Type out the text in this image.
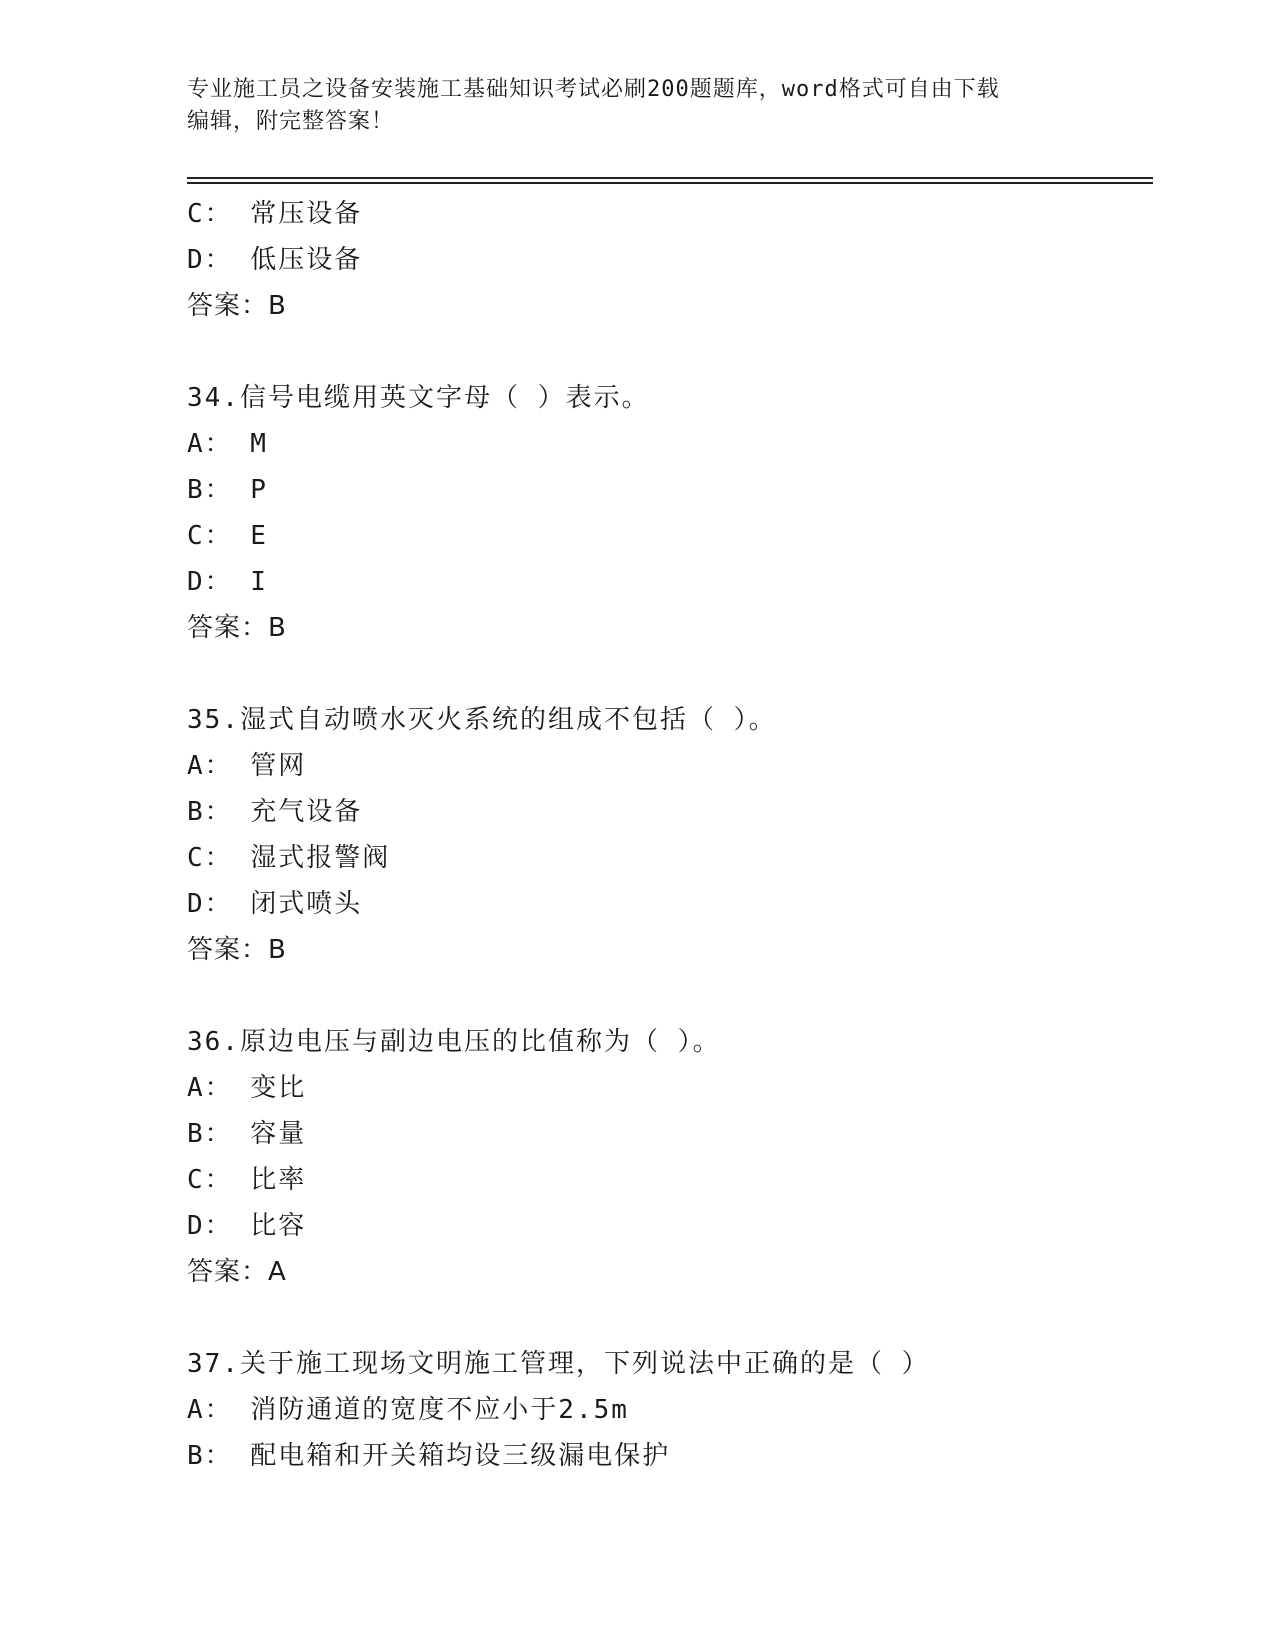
专业施工员之设备安装施工基础知识考试必刷200题题库，word格式可自由下载
编辑，附完整答案！
C： 常压设备
D： 低压设备
答案：B
34.信号电缆用英文字母（ ）表示。
A： M
B： P
C： E
D： I
答案：B
35.湿式自动喷水灭火系统的组成不包括（ ）。
A： 管网
B： 充气设备
C： 湿式报警阀
D： 闭式喷头
答案：B
36.原边电压与副边电压的比值称为（ ）。
A： 变比
B： 容量
C： 比率
D： 比容
答案：A
37.关于施工现场文明施工管理，下列说法中正确的是（ ）
A： 消防通道的宽度不应小于2.5m
B： 配电箱和开关箱均设三级漏电保护
